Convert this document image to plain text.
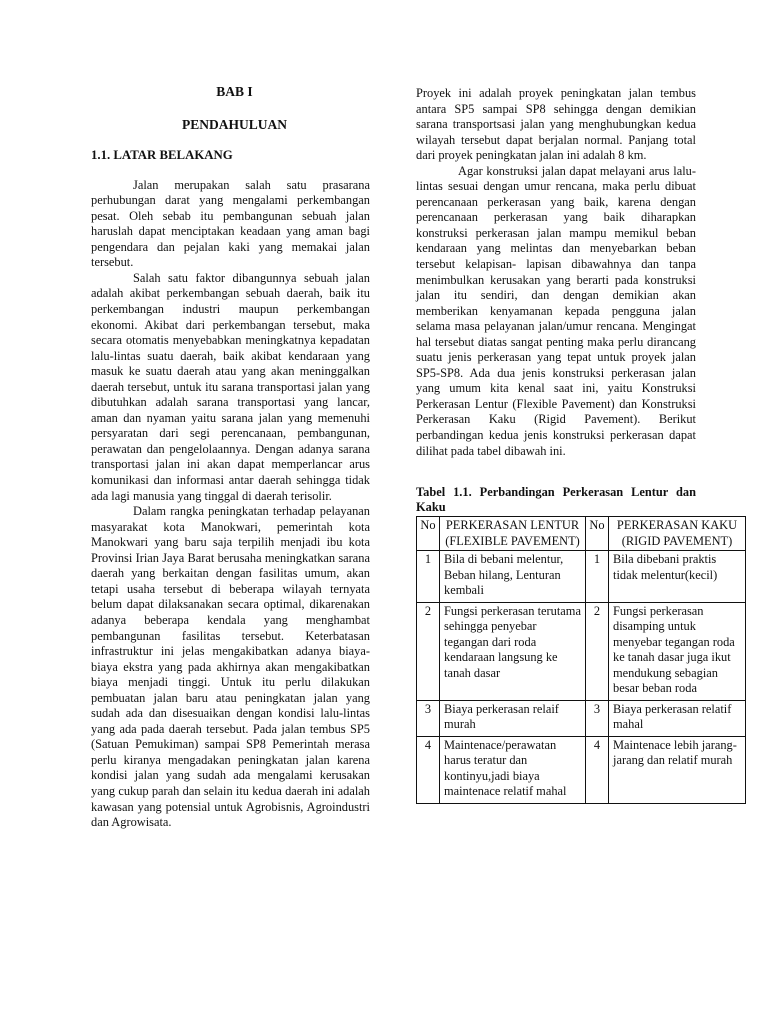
BAB I
PENDAHULUAN
1.1. LATAR BELAKANG

Jalan merupakan salah satu prasarana perhubungan darat yang mengalami perkembangan pesat. Oleh sebab itu pembangunan sebuah jalan haruslah dapat menciptakan keadaan yang aman bagi pengendara dan pejalan kaki yang memakai jalan tersebut.

Salah satu faktor dibangunnya sebuah jalan adalah akibat perkembangan sebuah daerah, baik itu perkembangan industri maupun perkembangan ekonomi. Akibat dari perkembangan tersebut, maka secara otomatis menyebabkan meningkatnya kepadatan lalu-lintas suatu daerah, baik akibat kendaraan yang masuk ke suatu daerah atau yang akan meninggalkan daerah tersebut, untuk itu sarana transportasi jalan yang dibutuhkan adalah sarana transportasi yang lancar, aman dan nyaman yaitu sarana jalan yang memenuhi persyaratan dari segi perencanaan, pembangunan, perawatan dan pengelolaannya. Dengan adanya sarana transportasi jalan ini akan dapat memperlancar arus komunikasi dan informasi antar daerah sehingga tidak ada lagi manusia yang tinggal di daerah terisolir.

Dalam rangka peningkatan terhadap pelayanan masyarakat kota Manokwari, pemerintah kota Manokwari yang baru saja terpilih menjadi ibu kota Provinsi Irian Jaya Barat berusaha meningkatkan sarana daerah yang berkaitan dengan fasilitas umum, akan tetapi usaha tersebut di beberapa wilayah ternyata belum dapat dilaksanakan secara optimal, dikarenakan adanya beberapa kendala yang menghambat pembangunan fasilitas tersebut. Keterbatasan infrastruktur ini jelas mengakibatkan adanya biaya-biaya ekstra yang pada akhirnya akan mengakibatkan biaya menjadi tinggi. Untuk itu perlu dilakukan pembuatan jalan baru atau peningkatan jalan yang sudah ada dan disesuaikan dengan kondisi lalu-lintas yang ada pada daerah tersebut. Pada jalan tembus SP5 (Satuan Pemukiman) sampai SP8 Pemerintah merasa perlu kiranya mengadakan peningkatan jalan karena kondisi jalan yang sudah ada mengalami kerusakan yang cukup parah dan selain itu kedua daerah ini adalah kawasan yang potensial untuk Agrobisnis, Agroindustri dan Agrowisata.

Proyek ini adalah proyek peningkatan jalan tembus antara SP5 sampai SP8 sehingga dengan demikian sarana transportsasi jalan yang menghubungkan kedua wilayah tersebut dapat berjalan normal. Panjang total dari proyek peningkatan jalan ini adalah 8 km.

Agar konstruksi jalan dapat melayani arus lalu-lintas sesuai dengan umur rencana, maka perlu dibuat perencanaan perkerasan yang baik, karena dengan perencanaan perkerasan yang baik diharapkan konstruksi perkerasan jalan mampu memikul beban kendaraan yang melintas dan menyebarkan beban tersebut kelapisan- lapisan dibawahnya dan tanpa menimbulkan kerusakan yang berarti pada konstruksi jalan itu sendiri, dan dengan demikian akan memberikan kenyamanan kepada pengguna jalan selama masa pelayanan jalan/umur rencana. Mengingat hal tersebut diatas sangat penting maka perlu dirancang suatu jenis perkerasan yang tepat untuk proyek jalan SP5-SP8. Ada dua jenis konstruksi perkerasan jalan yang umum kita kenal saat ini, yaitu Konstruksi Perkerasan Lentur (Flexible Pavement) dan Konstruksi Perkerasan Kaku (Rigid Pavement). Berikut perbandingan kedua jenis konstruksi perkerasan dapat dilihat pada tabel dibawah ini.

Tabel 1.1. Perbandingan Perkerasan Lentur dan Kaku
No	PERKERASAN LENTUR (FLEXIBLE PAVEMENT)	No	PERKERASAN KAKU (RIGID PAVEMENT)
1	Bila di bebani melentur, Beban hilang, Lenturan kembali	1	Bila dibebani praktis tidak melentur(kecil)
2	Fungsi perkerasan terutama sehingga penyebar tegangan dari roda kendaraan langsung ke tanah dasar	2	Fungsi perkerasan disamping untuk menyebar tegangan roda ke tanah dasar juga ikut mendukung sebagian besar beban roda
3	Biaya perkerasan relaif murah	3	Biaya perkerasan relatif mahal
4	Maintenace/perawatan harus teratur dan kontinyu,jadi biaya maintenace relatif mahal	4	Maintenace lebih jarang-jarang dan relatif murah
